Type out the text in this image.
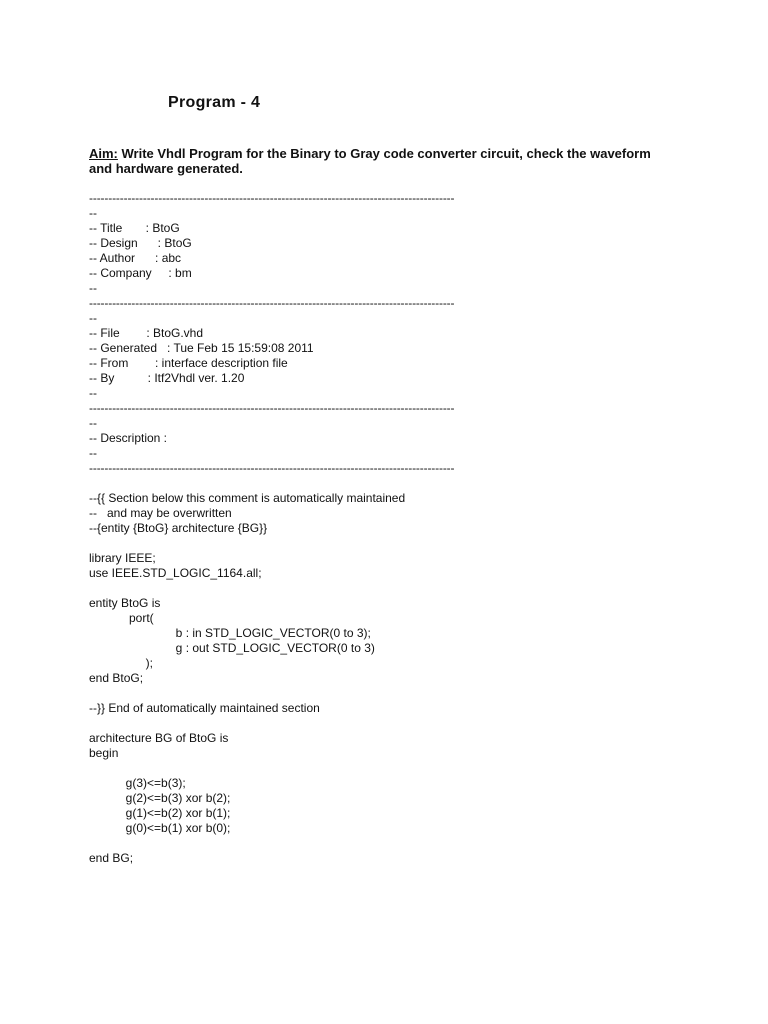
Program - 4
Aim: Write Vhdl Program for the Binary to Gray code converter circuit, check the waveform and hardware generated.
-----------------------------------------------------------------------------------------------
--
-- Title       : BtoG
-- Design      : BtoG
-- Author      : abc
-- Company     : bm
--
-----------------------------------------------------------------------------------------------
--
-- File        : BtoG.vhd
-- Generated   : Tue Feb 15 15:59:08 2011
-- From        : interface description file
-- By          : Itf2Vhdl ver. 1.20
--
-----------------------------------------------------------------------------------------------
--
-- Description :
--
-----------------------------------------------------------------------------------------------
--{{ Section below this comment is automatically maintained
--   and may be overwritten
--{entity {BtoG} architecture {BG}}
library IEEE;
use IEEE.STD_LOGIC_1164.all;
entity BtoG is
port(
b : in STD_LOGIC_VECTOR(0 to 3);
g : out STD_LOGIC_VECTOR(0 to 3)
);
end BtoG;
--}} End of automatically maintained section
architecture BG of BtoG is
begin
g(3)<=b(3);
g(2)<=b(3) xor b(2);
g(1)<=b(2) xor b(1);
g(0)<=b(1) xor b(0);
end BG;
